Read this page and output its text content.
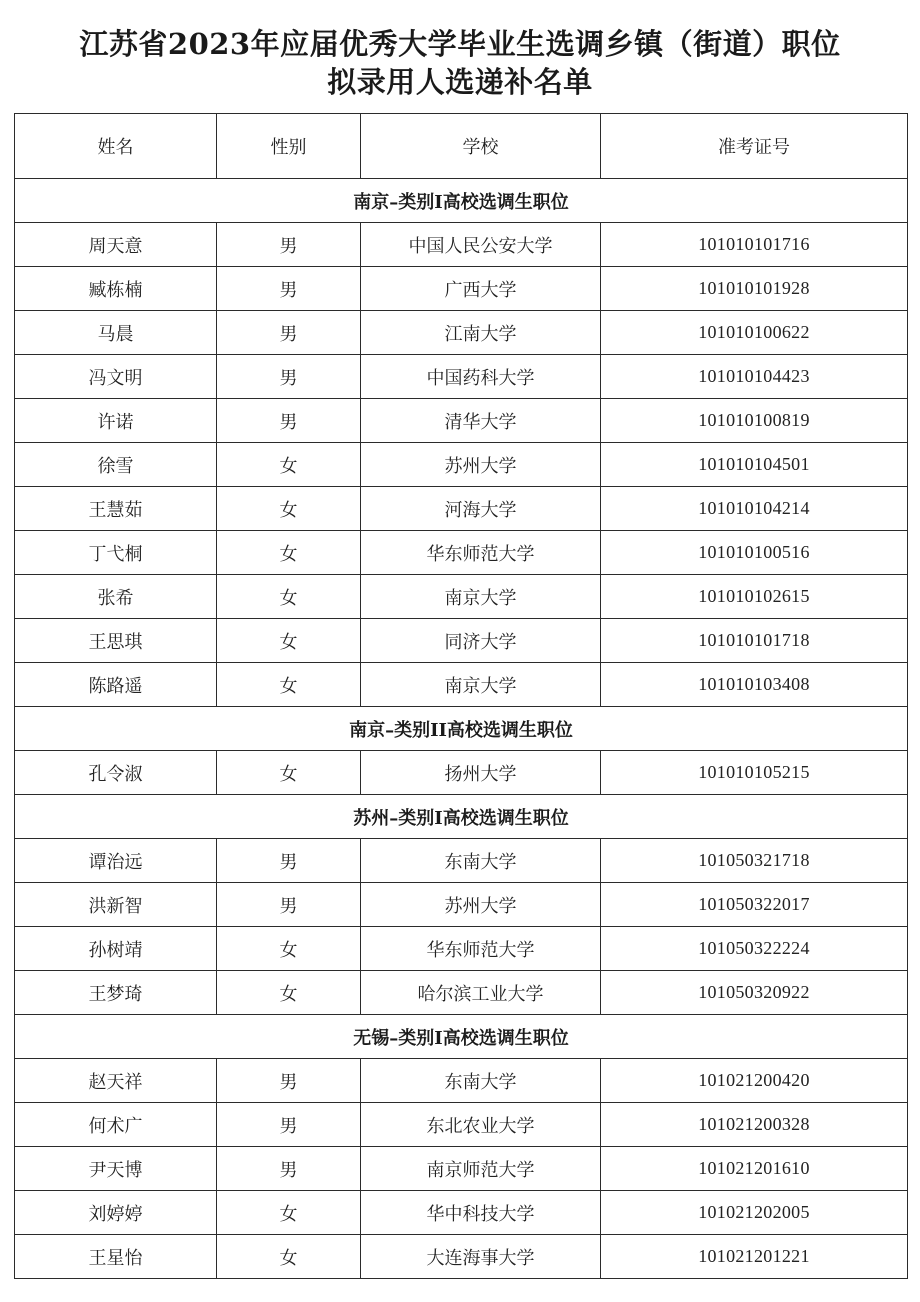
江苏省2023年应届优秀大学毕业生选调乡镇（街道）职位
拟录用人选递补名单
姓名	性别	学校	准考证号
南京–类别I高校选调生职位			
周天意	男	中国人民公安大学	101010101716
臧栋楠	男	广西大学	101010101928
马晨	男	江南大学	101010100622
冯文明	男	中国药科大学	101010104423
许诺	男	清华大学	101010100819
徐雪	女	苏州大学	101010104501
王慧茹	女	河海大学	101010104214
丁弋桐	女	华东师范大学	101010100516
张希	女	南京大学	101010102615
王思琪	女	同济大学	101010101718
陈路遥	女	南京大学	101010103408
南京–类别II高校选调生职位			
孔令淑	女	扬州大学	101010105215
苏州–类别I高校选调生职位			
谭治远	男	东南大学	101050321718
洪新智	男	苏州大学	101050322017
孙树靖	女	华东师范大学	101050322224
王梦琦	女	哈尔滨工业大学	101050320922
无锡–类别I高校选调生职位			
赵天祥	男	东南大学	101021200420
何术广	男	东北农业大学	101021200328
尹天博	男	南京师范大学	101021201610
刘婷婷	女	华中科技大学	101021202005
王星怡	女	大连海事大学	101021201221
